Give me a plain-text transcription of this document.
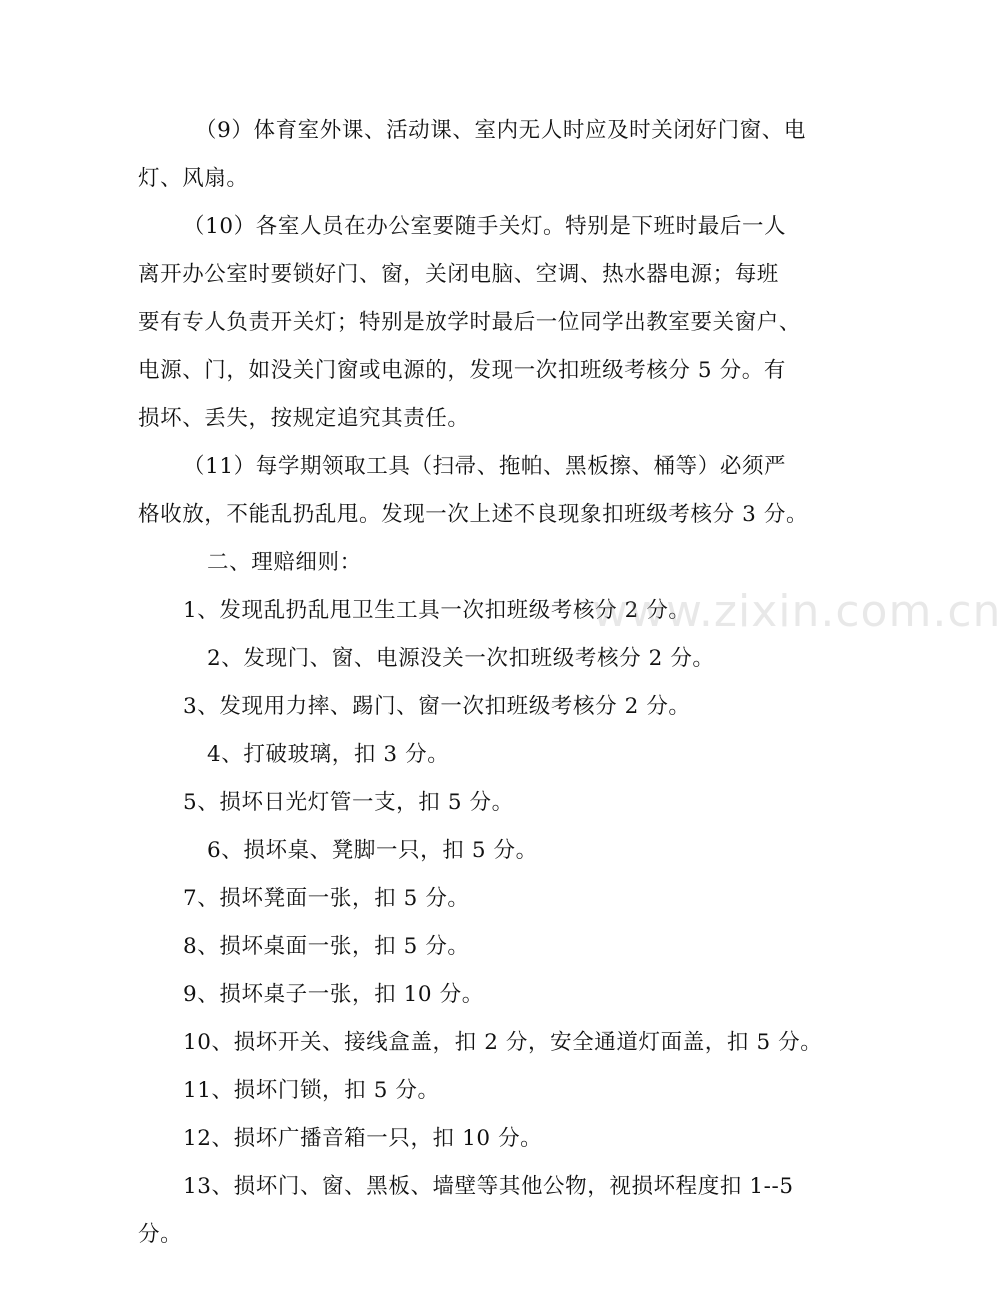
（9）体育室外课、活动课、室内无人时应及时关闭好门窗、电
灯、风扇。
（10）各室人员在办公室要随手关灯。特别是下班时最后一人
离开办公室时要锁好门、窗，关闭电脑、空调、热水器电源；每班
要有专人负责开关灯；特别是放学时最后一位同学出教室要关窗户、
电源、门，如没关门窗或电源的，发现一次扣班级考核分 5 分。有
损坏、丢失，按规定追究其责任。
（11）每学期领取工具（扫帚、拖帕、黑板擦、桶等）必须严
格收放，不能乱扔乱甩。发现一次上述不良现象扣班级考核分 3 分。
二、理赔细则：
1、发现乱扔乱甩卫生工具一次扣班级考核分 2 分。
2、发现门、窗、电源没关一次扣班级考核分 2 分。
3、发现用力摔、踢门、窗一次扣班级考核分 2 分。
4、打破玻璃，扣 3 分。
5、损坏日光灯管一支，扣 5 分。
6、损坏桌、凳脚一只，扣 5 分。
7、损坏凳面一张，扣 5 分。
8、损坏桌面一张，扣 5 分。
9、损坏桌子一张，扣 10 分。
10、损坏开关、接线盒盖，扣 2 分，安全通道灯面盖，扣 5 分。
11、损坏门锁，扣 5 分。
12、损坏广播音箱一只，扣 10 分。
13、损坏门、窗、黑板、墙壁等其他公物，视损坏程度扣 1--5
分。
www.zixin.com.cn
